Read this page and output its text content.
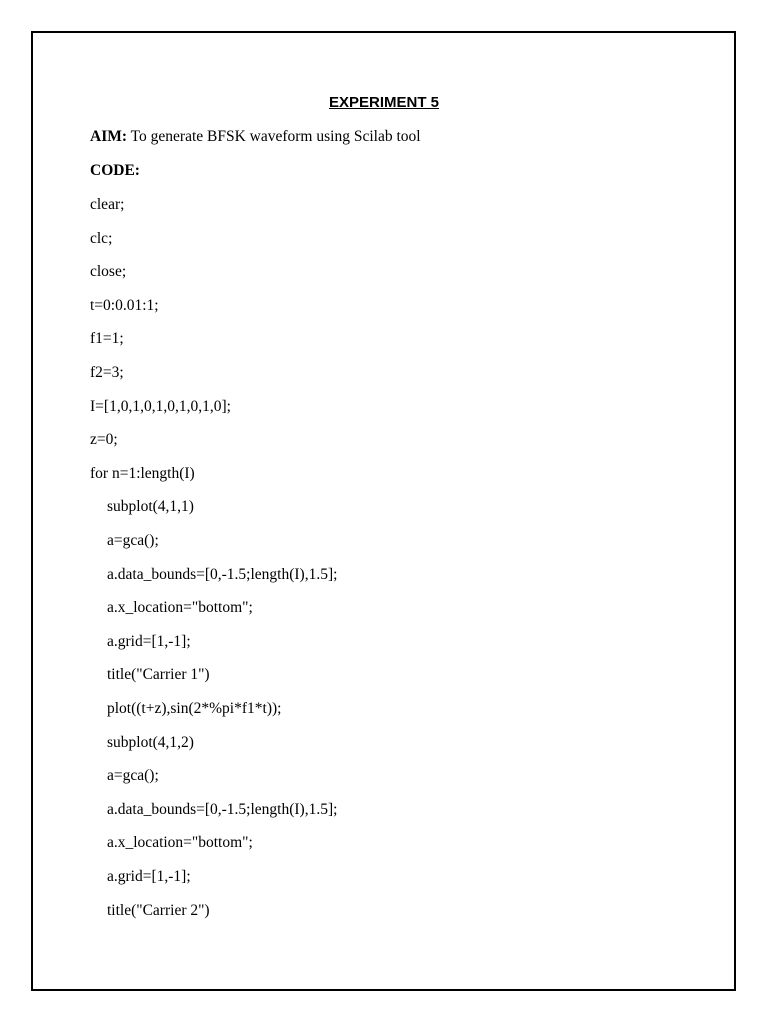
EXPERIMENT 5
AIM: To generate BFSK waveform using Scilab tool
CODE:
clear;
clc;
close;
t=0:0.01:1;
f1=1;
f2=3;
I=[1,0,1,0,1,0,1,0,1,0];
z=0;
for n=1:length(I)
subplot(4,1,1)
a=gca();
a.data_bounds=[0,-1.5;length(I),1.5];
a.x_location="bottom";
a.grid=[1,-1];
title("Carrier 1")
plot((t+z),sin(2*%pi*f1*t));
subplot(4,1,2)
a=gca();
a.data_bounds=[0,-1.5;length(I),1.5];
a.x_location="bottom";
a.grid=[1,-1];
title("Carrier 2")
